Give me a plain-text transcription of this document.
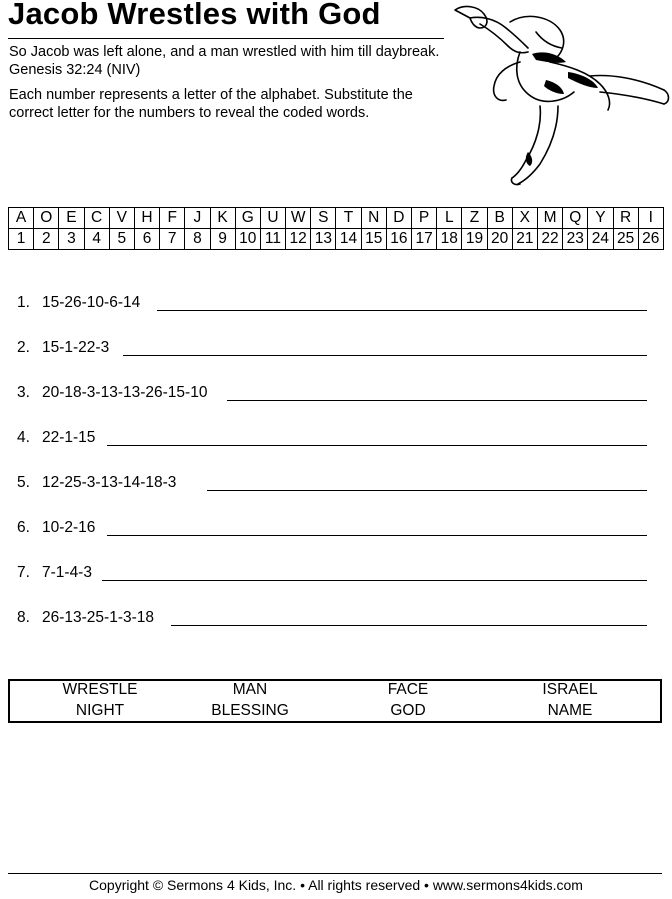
Jacob Wrestles with God
So Jacob was left alone, and a man wrestled with him till daybreak. Genesis 32:24 (NIV)
Each number represents a letter of the alphabet. Substitute the correct letter for the numbers to reveal the coded words.
A	O	E	C	V	H	F	J	K	G	U	W	S	T	N	D	P	L	Z	B	X	M	Q	Y	R	I
1	2	3	4	5	6	7	8	9	10	11	12	13	14	15	16	17	18	19	20	21	22	23	24	25	26
1. 15-26-10-6-14
2. 15-1-22-3
3. 20-18-3-13-13-26-15-10
4. 22-1-15
5. 12-25-3-13-14-18-3
6. 10-2-16
7. 7-1-4-3
8. 26-13-25-1-3-18
WRESTLE	MAN	FACE	ISRAEL
NIGHT	BLESSING	GOD	NAME
Copyright © Sermons 4 Kids, Inc. • All rights reserved • www.sermons4kids.com
